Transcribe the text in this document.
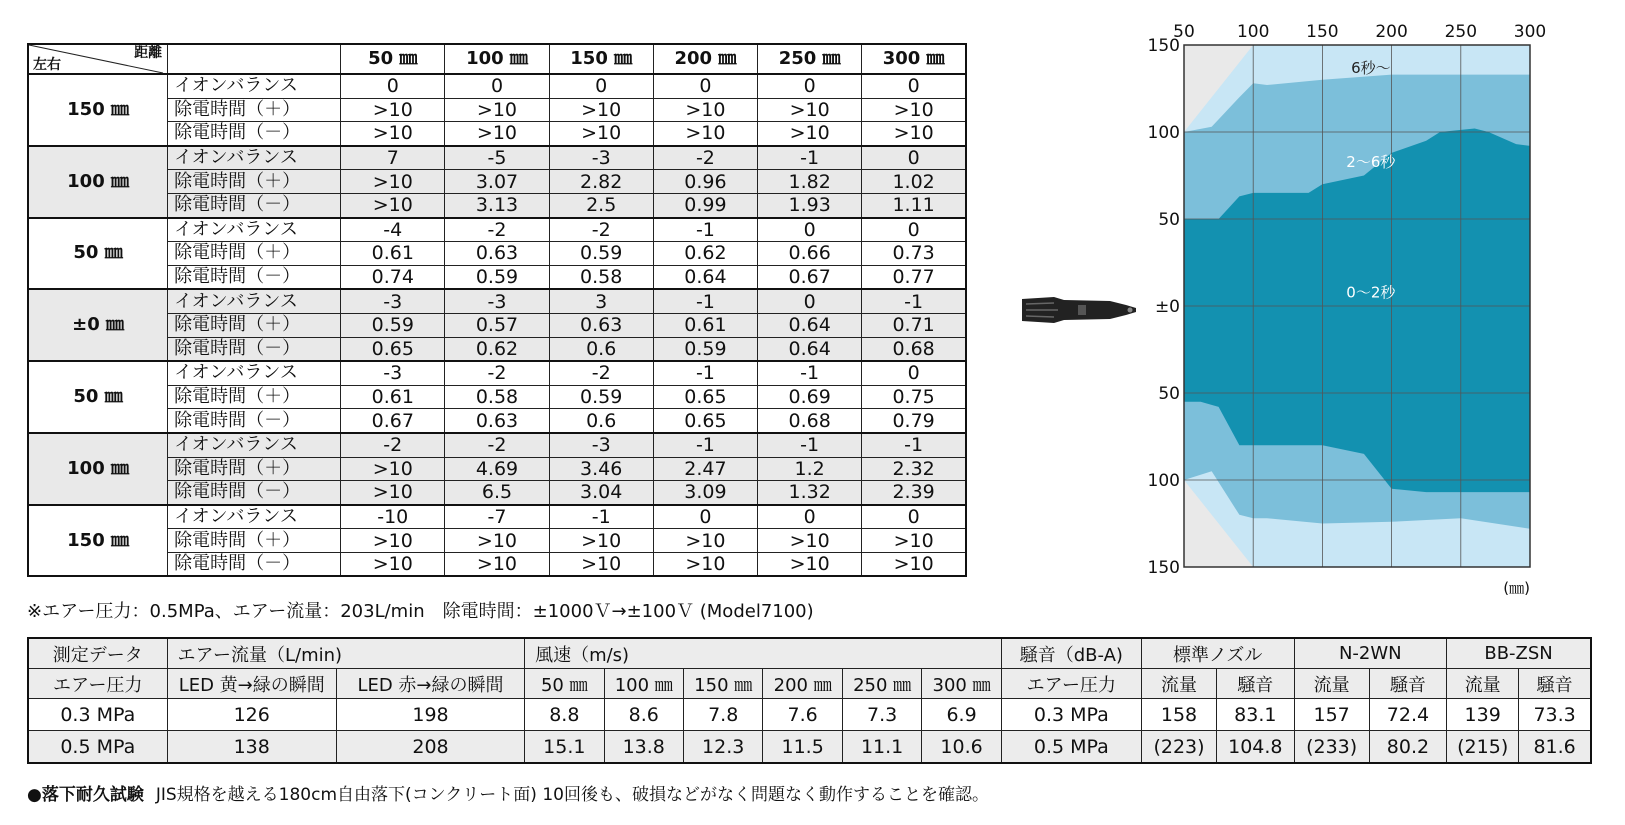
距離
左右		50 ㎜	100 ㎜	150 ㎜	200 ㎜	250 ㎜	300 ㎜
150 ㎜	イオンバランス	0	0	0	0	0	0
	除電時間（＋）	>10	>10	>10	>10	>10	>10
	除電時間（－）	>10	>10	>10	>10	>10	>10
100 ㎜	イオンバランス	7	-5	-3	-2	-1	0
	除電時間（＋）	>10	3.07	2.82	0.96	1.82	1.02
	除電時間（－）	>10	3.13	2.5	0.99	1.93	1.11
50 ㎜	イオンバランス	-4	-2	-2	-1	0	0
	除電時間（＋）	0.61	0.63	0.59	0.62	0.66	0.73
	除電時間（－）	0.74	0.59	0.58	0.64	0.67	0.77
±0 ㎜	イオンバランス	-3	-3	3	-1	0	-1
	除電時間（＋）	0.59	0.57	0.63	0.61	0.64	0.71
	除電時間（－）	0.65	0.62	0.6	0.59	0.64	0.68
50 ㎜	イオンバランス	-3	-2	-2	-1	-1	0
	除電時間（＋）	0.61	0.58	0.59	0.65	0.69	0.75
	除電時間（－）	0.67	0.63	0.6	0.65	0.68	0.79
100 ㎜	イオンバランス	-2	-2	-3	-1	-1	-1
	除電時間（＋）	>10	4.69	3.46	2.47	1.2	2.32
	除電時間（－）	>10	6.5	3.04	3.09	1.32	2.39
150 ㎜	イオンバランス	-10	-7	-1	0	0	0
	除電時間（＋）	>10	>10	>10	>10	>10	>10
	除電時間（－）	>10	>10	>10	>10	>10	>10
※エアー圧力：0.5MPa、エアー流量：203L/min　除電時間：±1000Ｖ→±100Ｖ (Model7100)
50 100 150 200 250 300
150
100
50
±0
50
100
150
6秒～
2～6秒
0～2秒
(㎜)
測定データ	エアー流量（L/min)		風速（m/s)						騒音（dB-A)	標準ノズル		N-2WN		BB-ZSN	
エアー圧力	LED 黄→緑の瞬間	LED 赤→緑の瞬間	50 ㎜	100 ㎜	150 ㎜	200 ㎜	250 ㎜	300 ㎜	エアー圧力	流量	騒音	流量	騒音	流量	騒音
0.3 MPa	126	198	8.8	8.6	7.8	7.6	7.3	6.9	0.3 MPa	158	83.1	157	72.4	139	73.3
0.5 MPa	138	208	15.1	13.8	12.3	11.5	11.1	10.6	0.5 MPa	(223)	104.8	(233)	80.2	(215)	81.6
●落下耐久試験 JIS規格を越える180cm自由落下(コンクリート面) 10回後も、破損などがなく問題なく動作することを確認。
